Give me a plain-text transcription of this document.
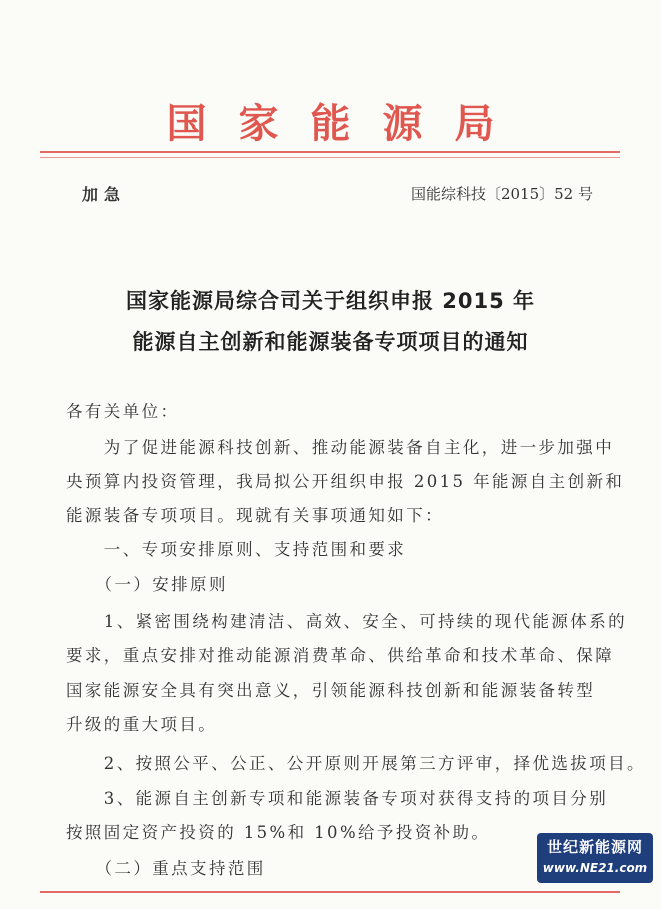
国家能源局
加急	国能综科技〔2015〕52 号
国家能源局综合司关于组织申报 2015 年
能源自主创新和能源装备专项项目的通知
各有关单位：
　　为了促进能源科技创新、推动能源装备自主化，进一步加强中
央预算内投资管理，我局拟公开组织申报 2015 年能源自主创新和
能源装备专项项目。现就有关事项通知如下：
　　一、专项安排原则、支持范围和要求
　　（一）安排原则
　　1、紧密围绕构建清洁、高效、安全、可持续的现代能源体系的
要求，重点安排对推动能源消费革命、供给革命和技术革命、保障
国家能源安全具有突出意义，引领能源科技创新和能源装备转型
升级的重大项目。
　　2、按照公平、公正、公开原则开展第三方评审，择优选拔项目。
　　3、能源自主创新专项和能源装备专项对获得支持的项目分别
按照固定资产投资的 15%和 10%给予投资补助。
　　（二）重点支持范围
世纪新能源网
www.NE21.com
